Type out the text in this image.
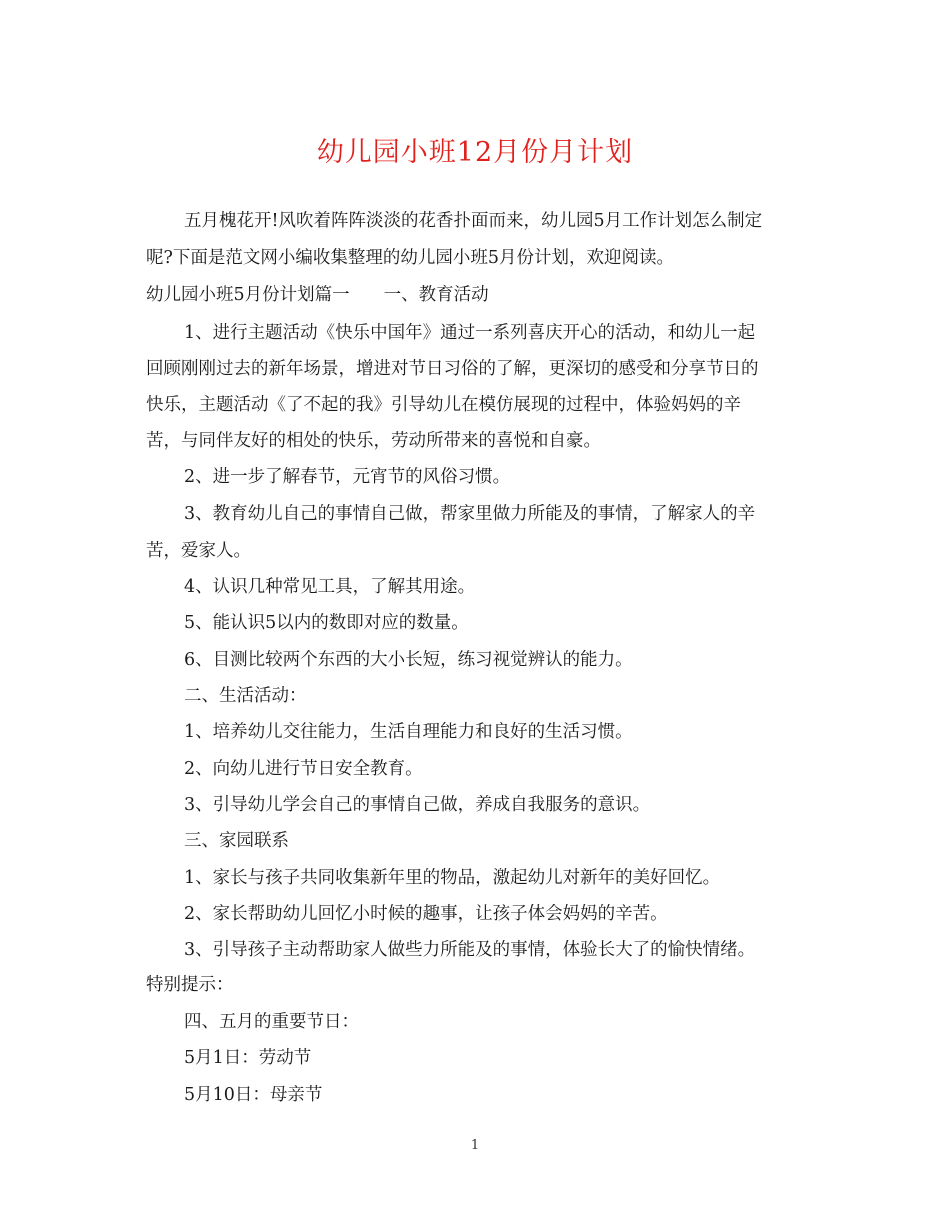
幼儿园小班12月份月计划

五月槐花开!风吹着阵阵淡淡的花香扑面而来，幼儿园5月工作计划怎么制定

呢?下面是范文网小编收集整理的幼儿园小班5月份计划，欢迎阅读。

幼儿园小班5月份计划篇一 一、教育活动

1、进行主题活动《快乐中国年》通过一系列喜庆开心的活动，和幼儿一起

回顾刚刚过去的新年场景，增进对节日习俗的了解，更深切的感受和分享节日的

快乐，主题活动《了不起的我》引导幼儿在模仿展现的过程中，体验妈妈的辛

苦，与同伴友好的相处的快乐，劳动所带来的喜悦和自豪。

2、进一步了解春节，元宵节的风俗习惯。

3、教育幼儿自己的事情自己做，帮家里做力所能及的事情，了解家人的辛

苦，爱家人。

4、认识几种常见工具，了解其用途。

5、能认识5以内的数即对应的数量。

6、目测比较两个东西的大小长短，练习视觉辨认的能力。

二、生活活动：

1、培养幼儿交往能力，生活自理能力和良好的生活习惯。

2、向幼儿进行节日安全教育。

3、引导幼儿学会自己的事情自己做，养成自我服务的意识。

三、家园联系

1、家长与孩子共同收集新年里的物品，激起幼儿对新年的美好回忆。

2、家长帮助幼儿回忆小时候的趣事，让孩子体会妈妈的辛苦。

3、引导孩子主动帮助家人做些力所能及的事情，体验长大了的愉快情绪。

特别提示：

四、五月的重要节日：

5月1日：劳动节

5月10日：母亲节

1
